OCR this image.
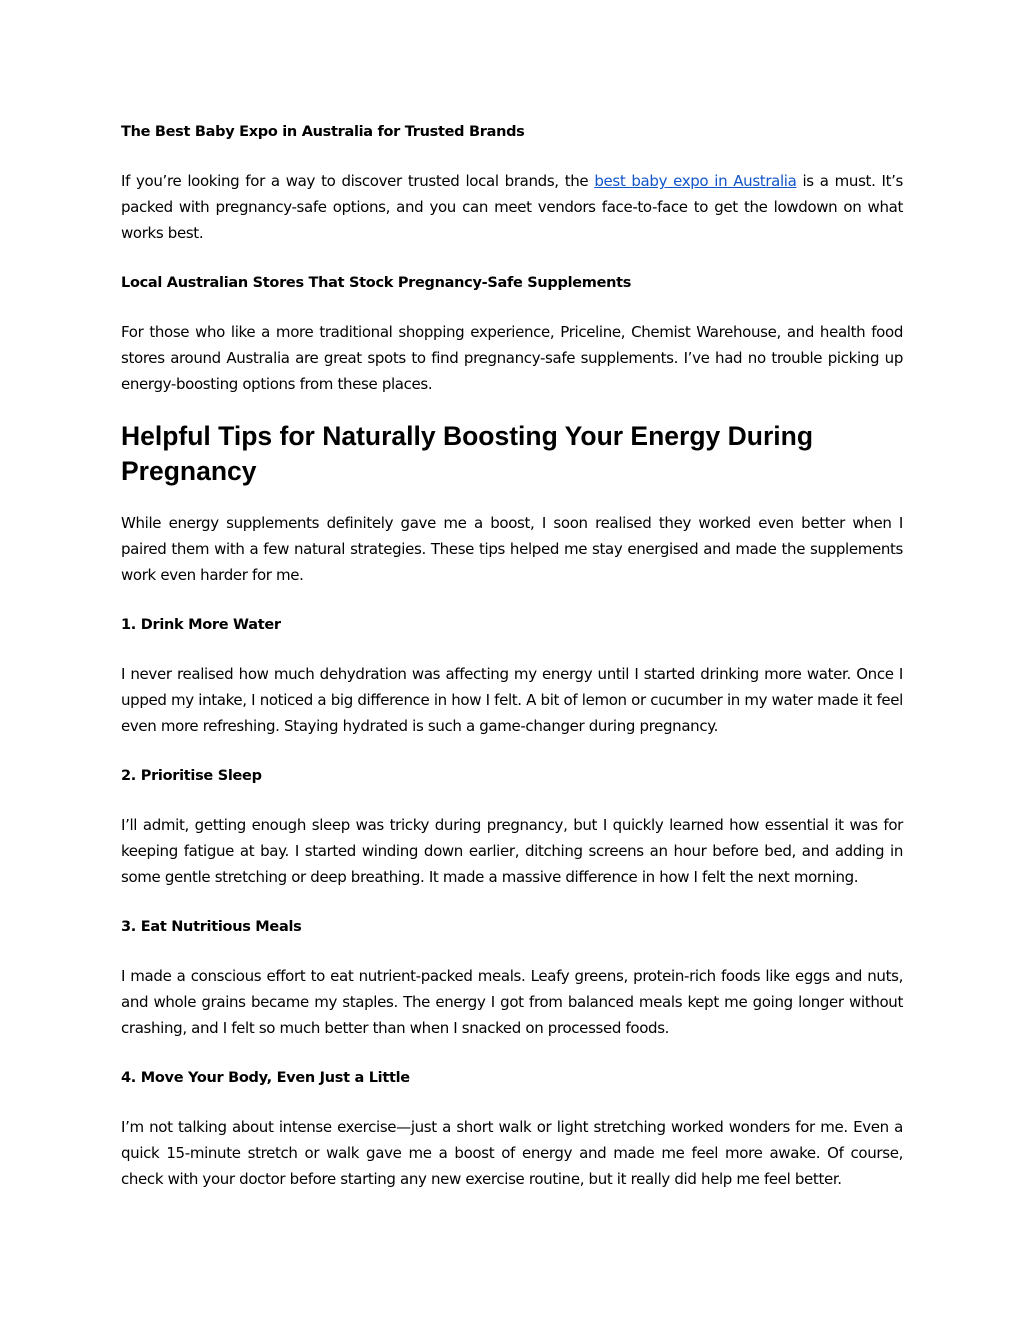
The Best Baby Expo in Australia for Trusted Brands

If you’re looking for a way to discover trusted local brands, the best baby expo in Australia is a must. It’s packed with pregnancy-safe options, and you can meet vendors face-to-face to get the lowdown on what works best.

Local Australian Stores That Stock Pregnancy-Safe Supplements

For those who like a more traditional shopping experience, Priceline, Chemist Warehouse, and health food stores around Australia are great spots to find pregnancy-safe supplements. I’ve had no trouble picking up energy-boosting options from these places.

Helpful Tips for Naturally Boosting Your Energy During Pregnancy

While energy supplements definitely gave me a boost, I soon realised they worked even better when I paired them with a few natural strategies. These tips helped me stay energised and made the supplements work even harder for me.

1. Drink More Water

I never realised how much dehydration was affecting my energy until I started drinking more water. Once I upped my intake, I noticed a big difference in how I felt. A bit of lemon or cucumber in my water made it feel even more refreshing. Staying hydrated is such a game-changer during pregnancy.

2. Prioritise Sleep

I’ll admit, getting enough sleep was tricky during pregnancy, but I quickly learned how essential it was for keeping fatigue at bay. I started winding down earlier, ditching screens an hour before bed, and adding in some gentle stretching or deep breathing. It made a massive difference in how I felt the next morning.

3. Eat Nutritious Meals

I made a conscious effort to eat nutrient-packed meals. Leafy greens, protein-rich foods like eggs and nuts, and whole grains became my staples. The energy I got from balanced meals kept me going longer without crashing, and I felt so much better than when I snacked on processed foods.

4. Move Your Body, Even Just a Little

I’m not talking about intense exercise—just a short walk or light stretching worked wonders for me. Even a quick 15-minute stretch or walk gave me a boost of energy and made me feel more awake. Of course, check with your doctor before starting any new exercise routine, but it really did help me feel better.
